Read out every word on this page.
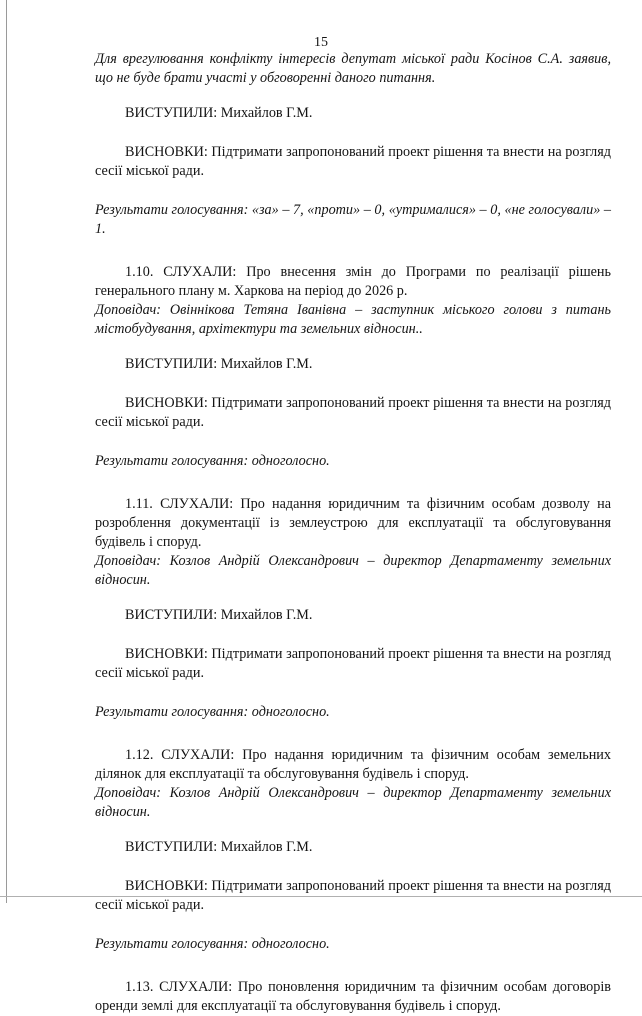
15

Для врегулювання конфлікту інтересів депутат міської ради Косінов С.А. заявив, що не буде брати участі у обговоренні даного питання.

ВИСТУПИЛИ: Михайлов Г.М.

ВИСНОВКИ: Підтримати запропонований проект рішення та внести на розгляд сесії міської ради.

Результати голосування: «за» – 7, «проти» – 0, «утрималися» – 0, «не голосували» – 1.

1.10. СЛУХАЛИ: Про внесення змін до Програми по реалізації рішень генерального плану м. Харкова на період до 2026 р.

Доповідач: Овіннікова Тетяна Іванівна – заступник міського голови з питань містобудування, архітектури та земельних відносин..

ВИСТУПИЛИ: Михайлов Г.М.

ВИСНОВКИ: Підтримати запропонований проект рішення та внести на розгляд сесії міської ради.

Результати голосування: одноголосно.

1.11. СЛУХАЛИ: Про надання юридичним та фізичним особам дозволу на розроблення документації із землеустрою для експлуатації та обслуговування будівель і споруд.

Доповідач: Козлов Андрій Олександрович – директор Департаменту земельних відносин.

ВИСТУПИЛИ: Михайлов Г.М.

ВИСНОВКИ: Підтримати запропонований проект рішення та внести на розгляд сесії міської ради.

Результати голосування: одноголосно.

1.12. СЛУХАЛИ: Про надання юридичним та фізичним особам земельних ділянок для експлуатації та обслуговування будівель і споруд.

Доповідач: Козлов Андрій Олександрович – директор Департаменту земельних відносин.

ВИСТУПИЛИ: Михайлов Г.М.

ВИСНОВКИ: Підтримати запропонований проект рішення та внести на розгляд сесії міської ради.

Результати голосування: одноголосно.

1.13. СЛУХАЛИ: Про поновлення юридичним та фізичним особам договорів оренди землі для експлуатації та обслуговування будівель і споруд.
